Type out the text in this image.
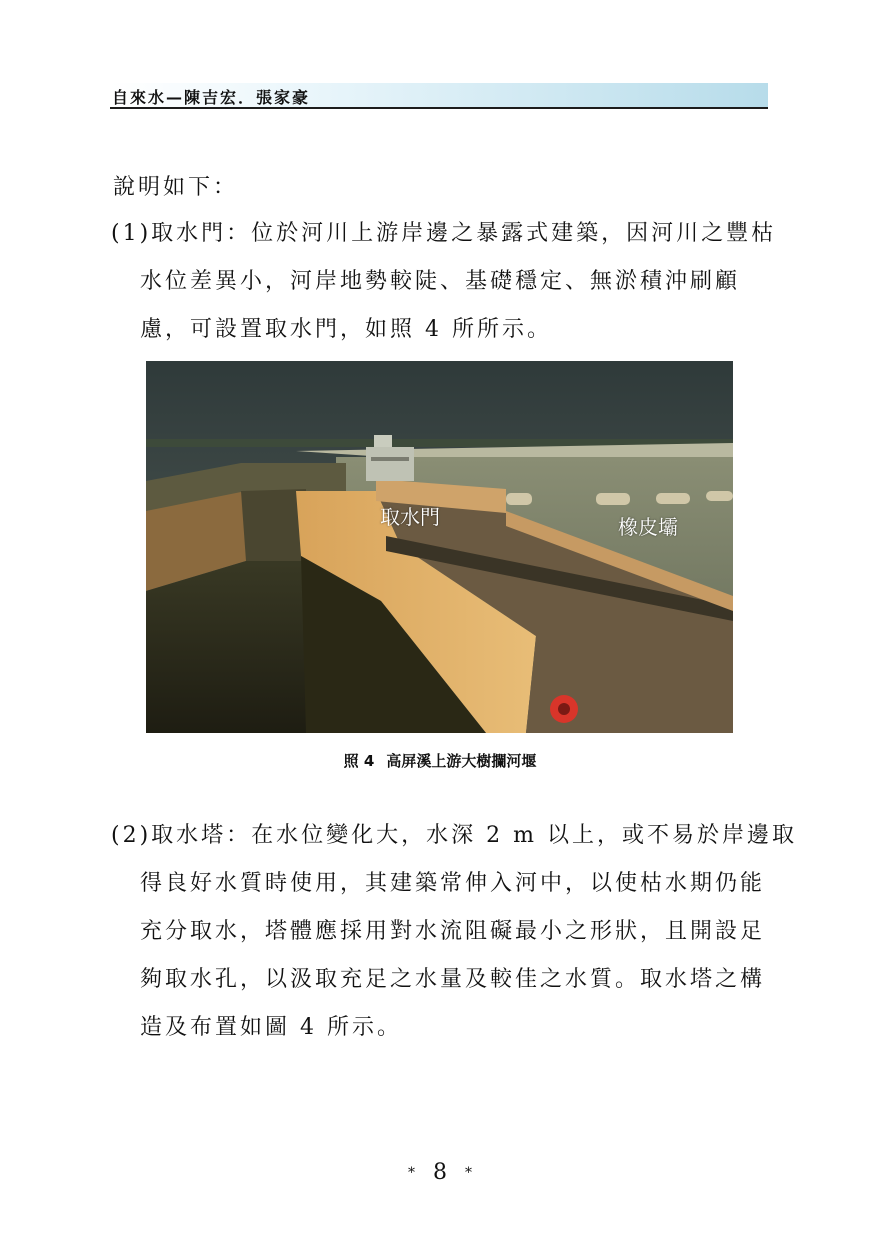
自來水—陳吉宏．張家豪
說明如下：
(1)取水門：位於河川上游岸邊之暴露式建築，因河川之豐枯
水位差異小，河岸地勢較陡、基礎穩定、無淤積沖刷顧
慮，可設置取水門，如照 4 所所示。
取水門	橡皮壩
照 4 高屏溪上游大樹攔河堰
(2)取水塔：在水位變化大，水深 2 m 以上，或不易於岸邊取
得良好水質時使用，其建築常伸入河中，以使枯水期仍能
充分取水，塔體應採用對水流阻礙最小之形狀，且開設足
夠取水孔，以汲取充足之水量及較佳之水質。取水塔之構
造及布置如圖 4 所示。
* 8 *
